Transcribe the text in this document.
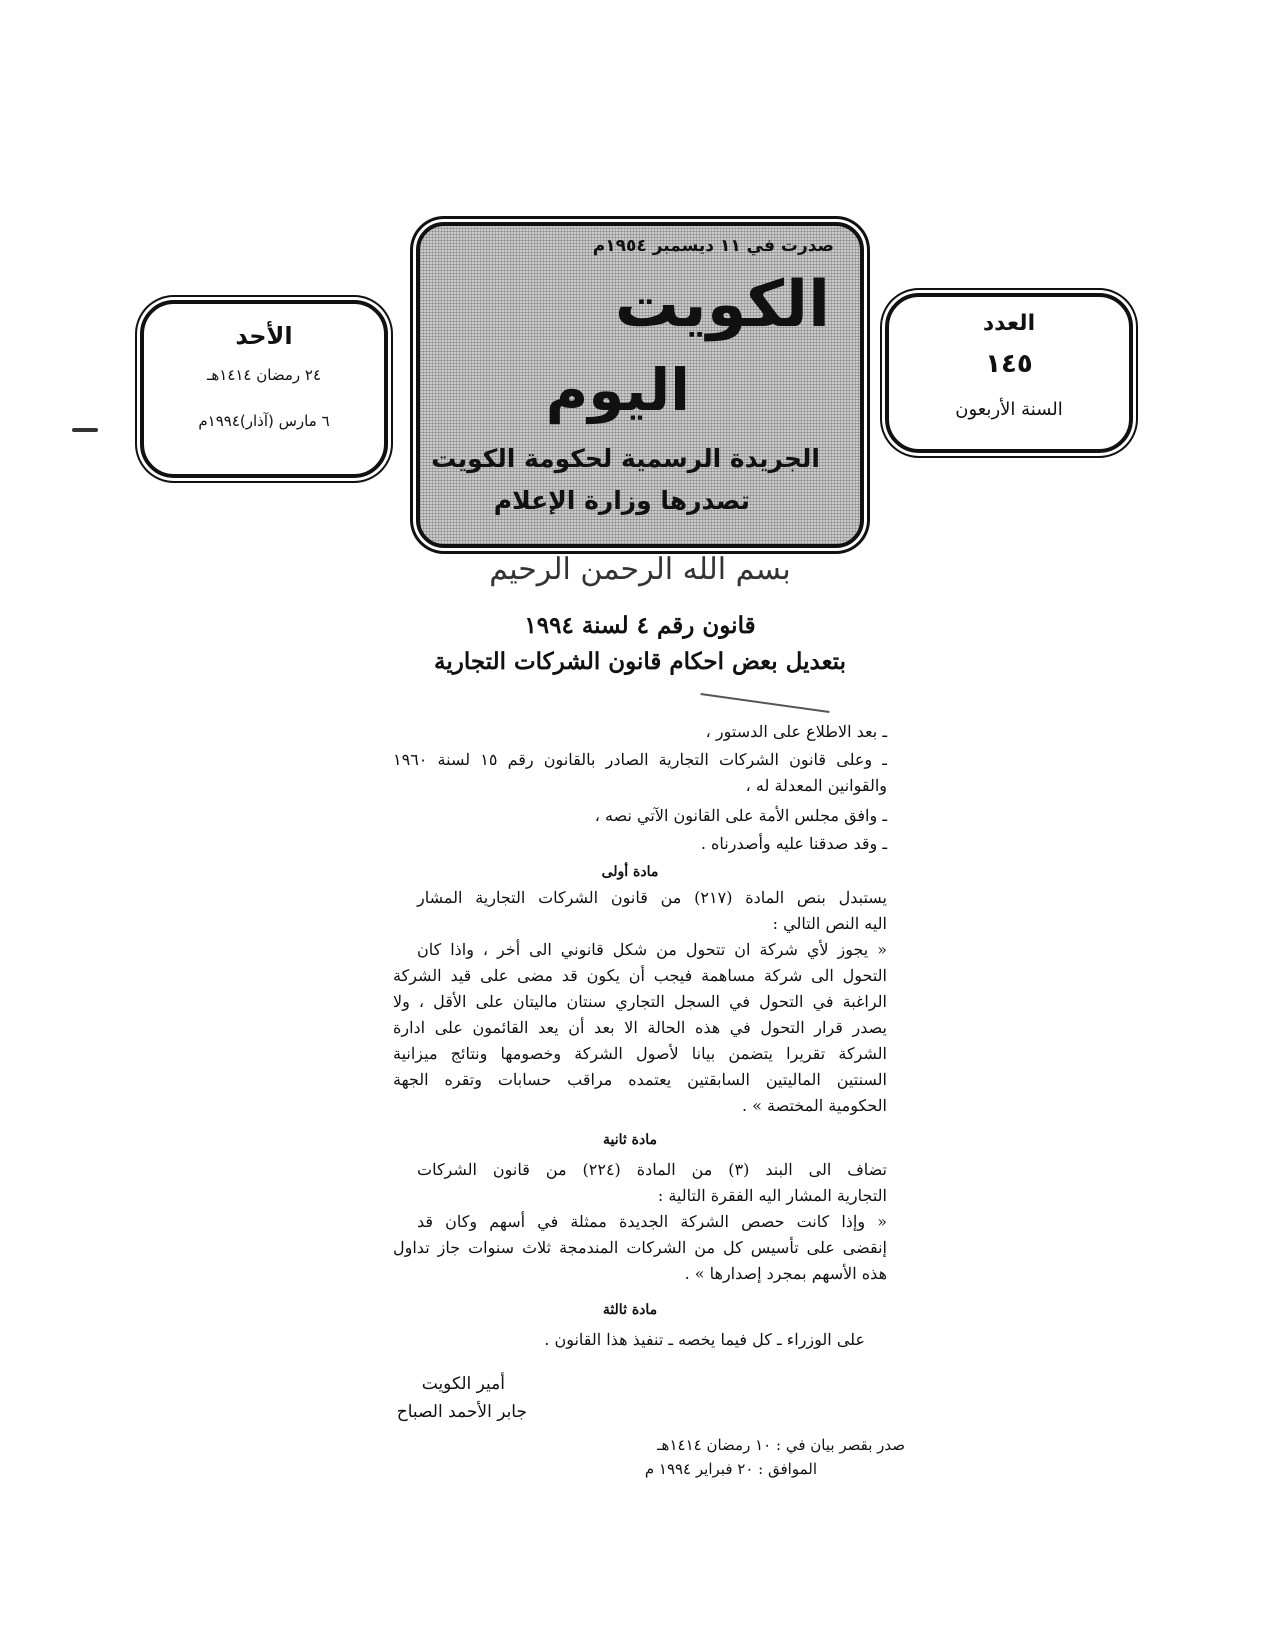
الأحد
٢٤ رمضان ١٤١٤هـ
٦ مارس (آذار)١٩٩٤م
صدرت في ١١ ديسمبر ١٩٥٤م
الكويت
اليوم
الجريدة الرسمية لحكومة الكويت
تصدرها وزارة الإعلام
العدد
١٤٥
السنة الأربعون
بسم الله الرحمن الرحيم
قانون رقم ٤ لسنة ١٩٩٤
بتعديل بعض احكام قانون الشركات التجارية
ـ بعد الاطلاع على الدستور ،
ـ وعلى قانون الشركات التجارية الصادر بالقانون رقم ١٥ لسنة ١٩٦٠
والقوانين المعدلة له ،
ـ وافق مجلس الأمة على القانون الآتي نصه ،
ـ وقد صدقنا عليه وأصدرناه .
مادة أولى
يستبدل بنص المادة (٢١٧) من قانون الشركات التجارية المشار
اليه النص التالي :
« يجوز لأي شركة ان تتحول من شكل قانوني الى أخر ، واذا كان
التحول الى شركة مساهمة فيجب أن يكون قد مضى على قيد الشركة
الراغبة في التحول في السجل التجاري سنتان ماليتان على الأقل ، ولا
يصدر قرار التحول في هذه الحالة الا بعد أن يعد القائمون على ادارة
الشركة تقريرا يتضمن بيانا لأصول الشركة وخصومها ونتائج ميزانية
السنتين الماليتين السابقتين يعتمده مراقب حسابات وتقره الجهة
الحكومية المختصة » .
مادة ثانية
تضاف الى البند (٣) من المادة (٢٢٤) من قانون الشركات
التجارية المشار اليه الفقرة التالية :
« وإذا كانت حصص الشركة الجديدة ممثلة في أسهم وكان قد
إنقضى على تأسيس كل من الشركات المندمجة ثلاث سنوات جاز تداول
هذه الأسهم بمجرد إصدارها » .
مادة ثالثة
على الوزراء ـ كل فيما يخصه ـ تنفيذ هذا القانون .
أمير الكويت
جابر الأحمد الصباح
صدر بقصر بيان في : ١٠ رمضان ١٤١٤هـ
الموافق : ٢٠ فبراير ١٩٩٤ م
